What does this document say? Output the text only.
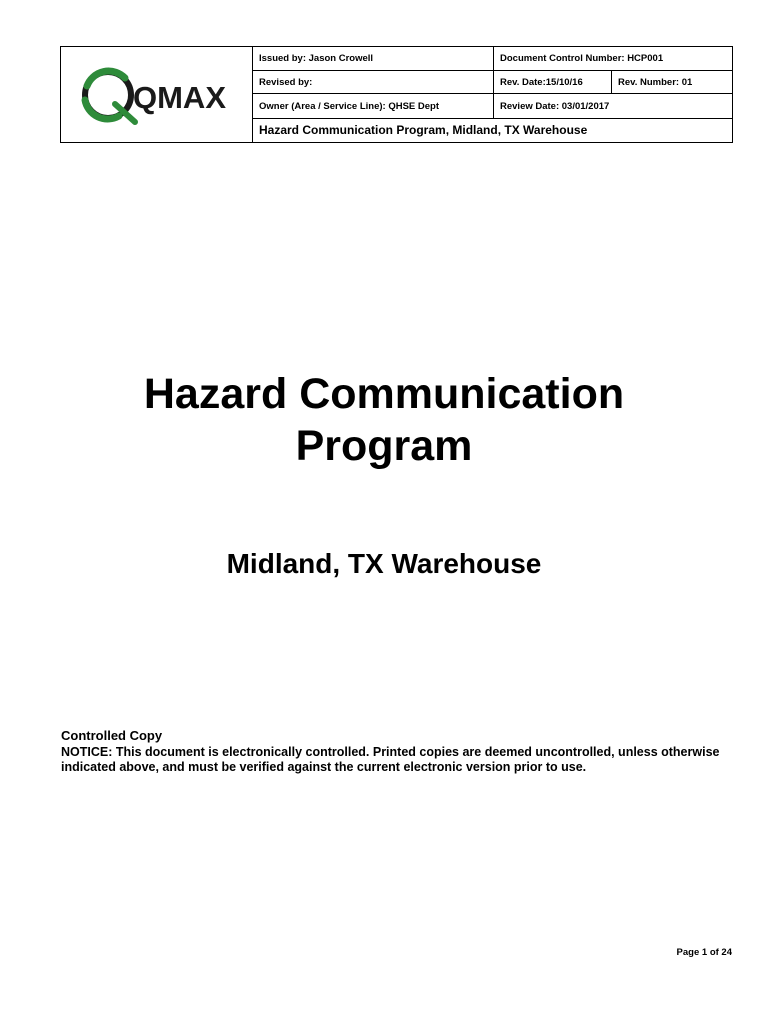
QMAX	Issued by: Jason Crowell	Document Control Number: HCP001	
	Revised by:	Rev. Date:15/10/16	Rev. Number: 01
	Owner (Area / Service Line): QHSE Dept	Review Date: 03/01/2017	
	Hazard Communication Program, Midland, TX Warehouse		
Hazard Communication
Program
Midland, TX Warehouse

Controlled Copy

NOTICE: This document is electronically controlled. Printed copies are deemed uncontrolled, unless otherwise indicated above, and must be verified against the current electronic version prior to use.

Page 1 of 24
